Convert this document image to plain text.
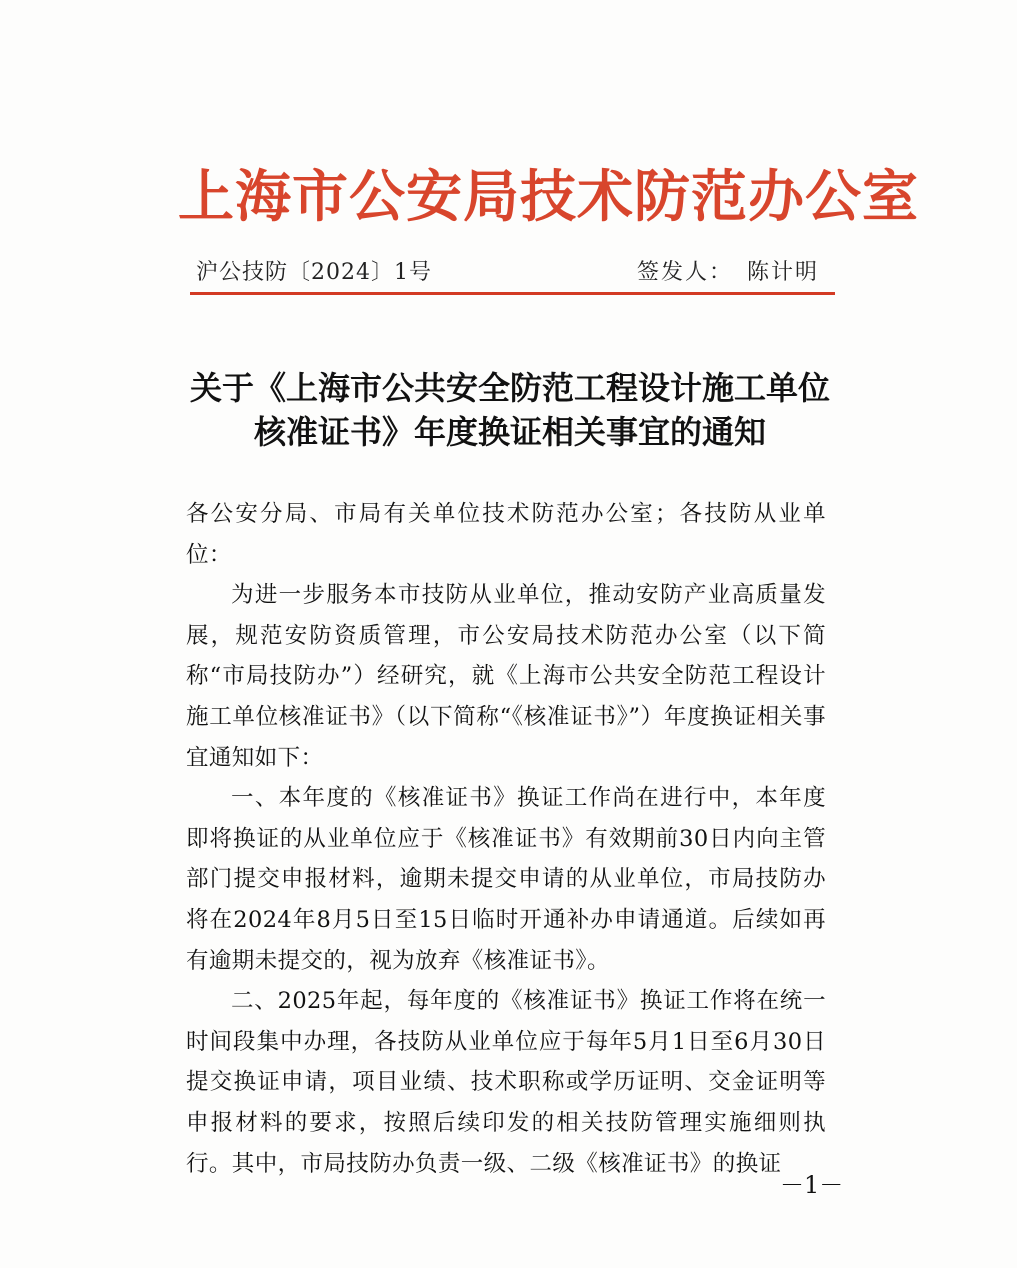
上海市公安局技术防范办公室
沪公技防〔2024〕1号	签发人： 陈计明
关于《上海市公共安全防范工程设计施工单位
核准证书》年度换证相关事宜的通知

各公安分局、市局有关单位技术防范办公室；各技防从业单位：

为进一步服务本市技防从业单位，推动安防产业高质量发展，规范安防资质管理，市公安局技术防范办公室（以下简称“市局技防办”）经研究，就《上海市公共安全防范工程设计施工单位核准证书》（以下简称“《核准证书》”）年度换证相关事宜通知如下：

一、本年度的《核准证书》换证工作尚在进行中，本年度即将换证的从业单位应于《核准证书》有效期前30日内向主管部门提交申报材料，逾期未提交申请的从业单位，市局技防办将在2024年8月5日至15日临时开通补办申请通道。后续如再有逾期未提交的，视为放弃《核准证书》。

二、2025年起，每年度的《核准证书》换证工作将在统一时间段集中办理，各技防从业单位应于每年5月1日至6月30日提交换证申请，项目业绩、技术职称或学历证明、交金证明等申报材料的要求，按照后续印发的相关技防管理实施细则执行。其中，市局技防办负责一级、二级《核准证书》的换证

－1－
